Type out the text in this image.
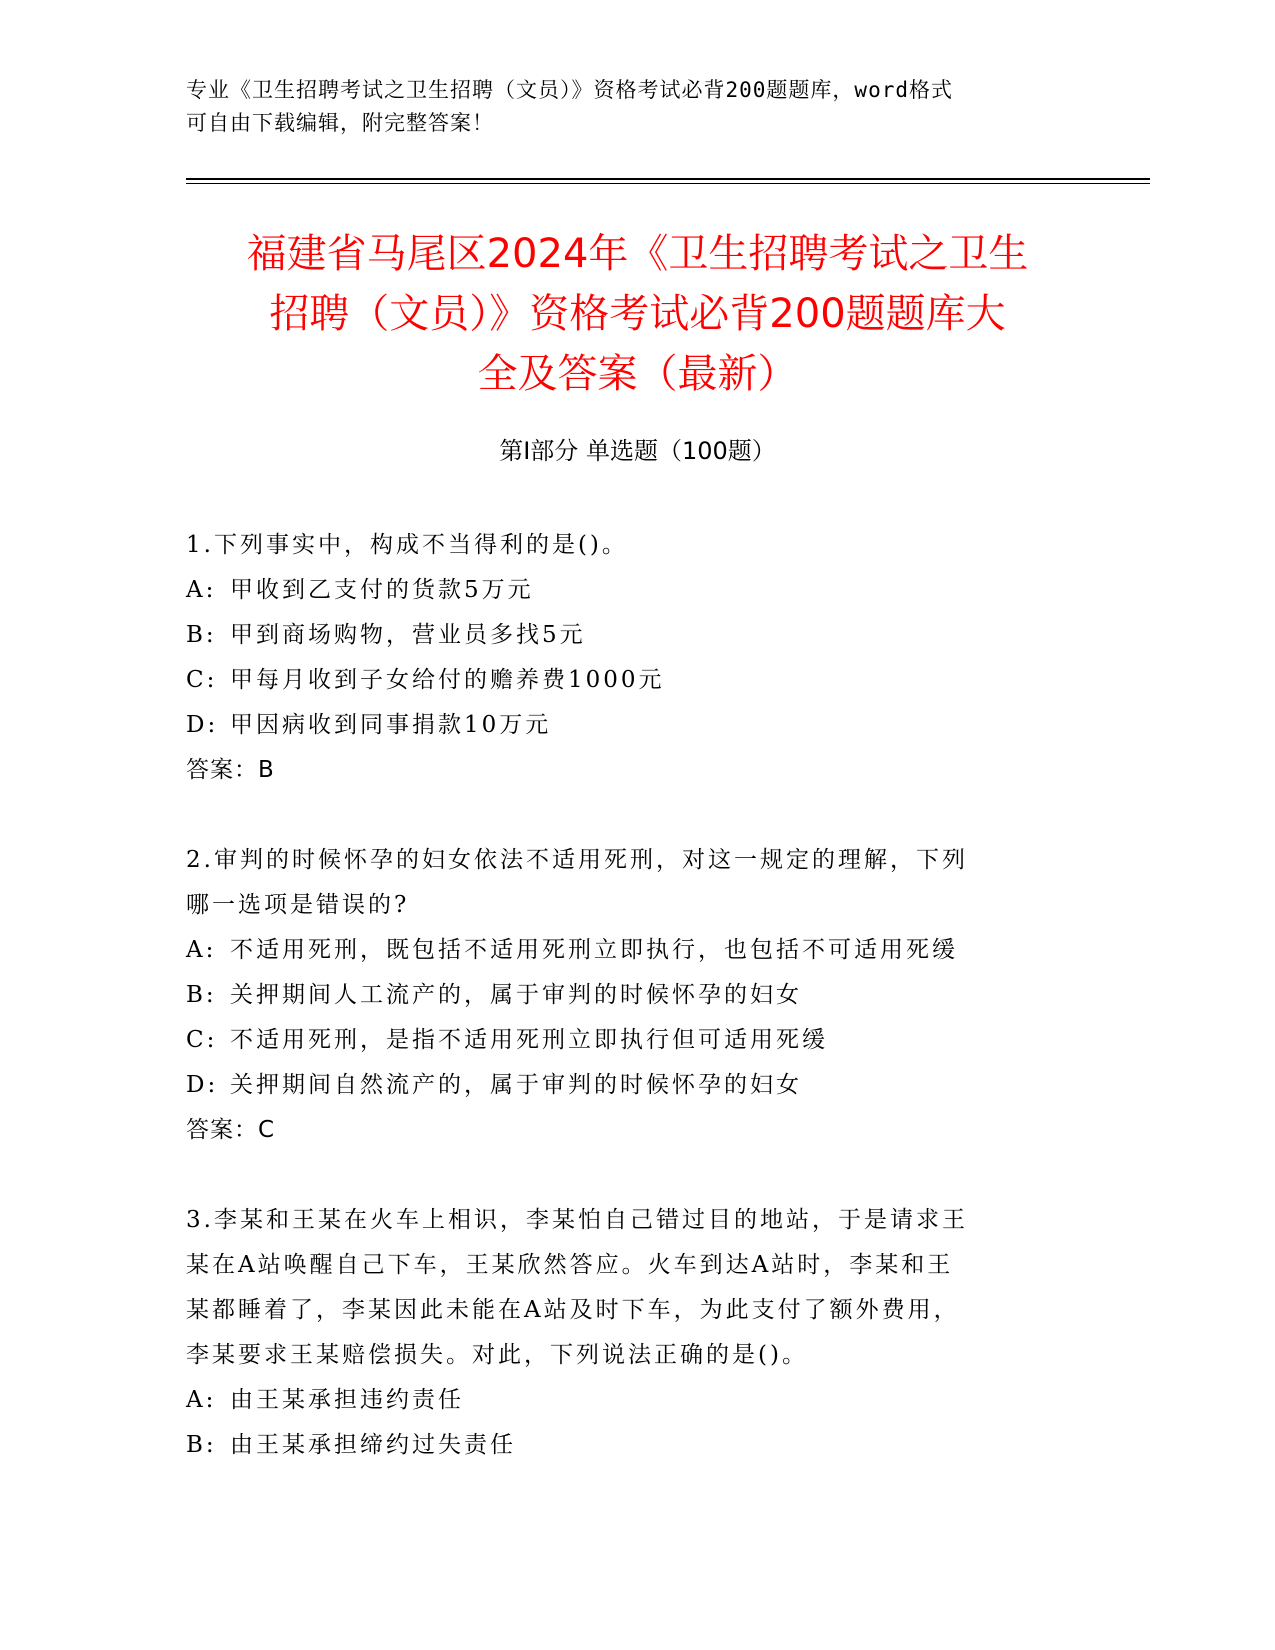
专业《卫生招聘考试之卫生招聘（文员）》资格考试必背200题题库，word格式
可自由下载编辑，附完整答案！
福建省马尾区2024年《卫生招聘考试之卫生
招聘（文员）》资格考试必背200题题库大
全及答案（最新）
第Ⅰ部分 单选题（100题）
1.下列事实中，构成不当得利的是()。
A: 甲收到乙支付的货款5万元
B: 甲到商场购物，营业员多找5元
C: 甲每月收到子女给付的赡养费1000元
D: 甲因病收到同事捐款10万元
答案：B
2.审判的时候怀孕的妇女依法不适用死刑，对这一规定的理解，下列
哪一选项是错误的?
A: 不适用死刑，既包括不适用死刑立即执行，也包括不可适用死缓
B: 关押期间人工流产的，属于审判的时候怀孕的妇女
C: 不适用死刑，是指不适用死刑立即执行但可适用死缓
D: 关押期间自然流产的，属于审判的时候怀孕的妇女
答案：C
3.李某和王某在火车上相识，李某怕自己错过目的地站，于是请求王
某在A站唤醒自己下车，王某欣然答应。火车到达A站时，李某和王
某都睡着了，李某因此未能在A站及时下车，为此支付了额外费用，
李某要求王某赔偿损失。对此，下列说法正确的是()。
A: 由王某承担违约责任
B: 由王某承担缔约过失责任
